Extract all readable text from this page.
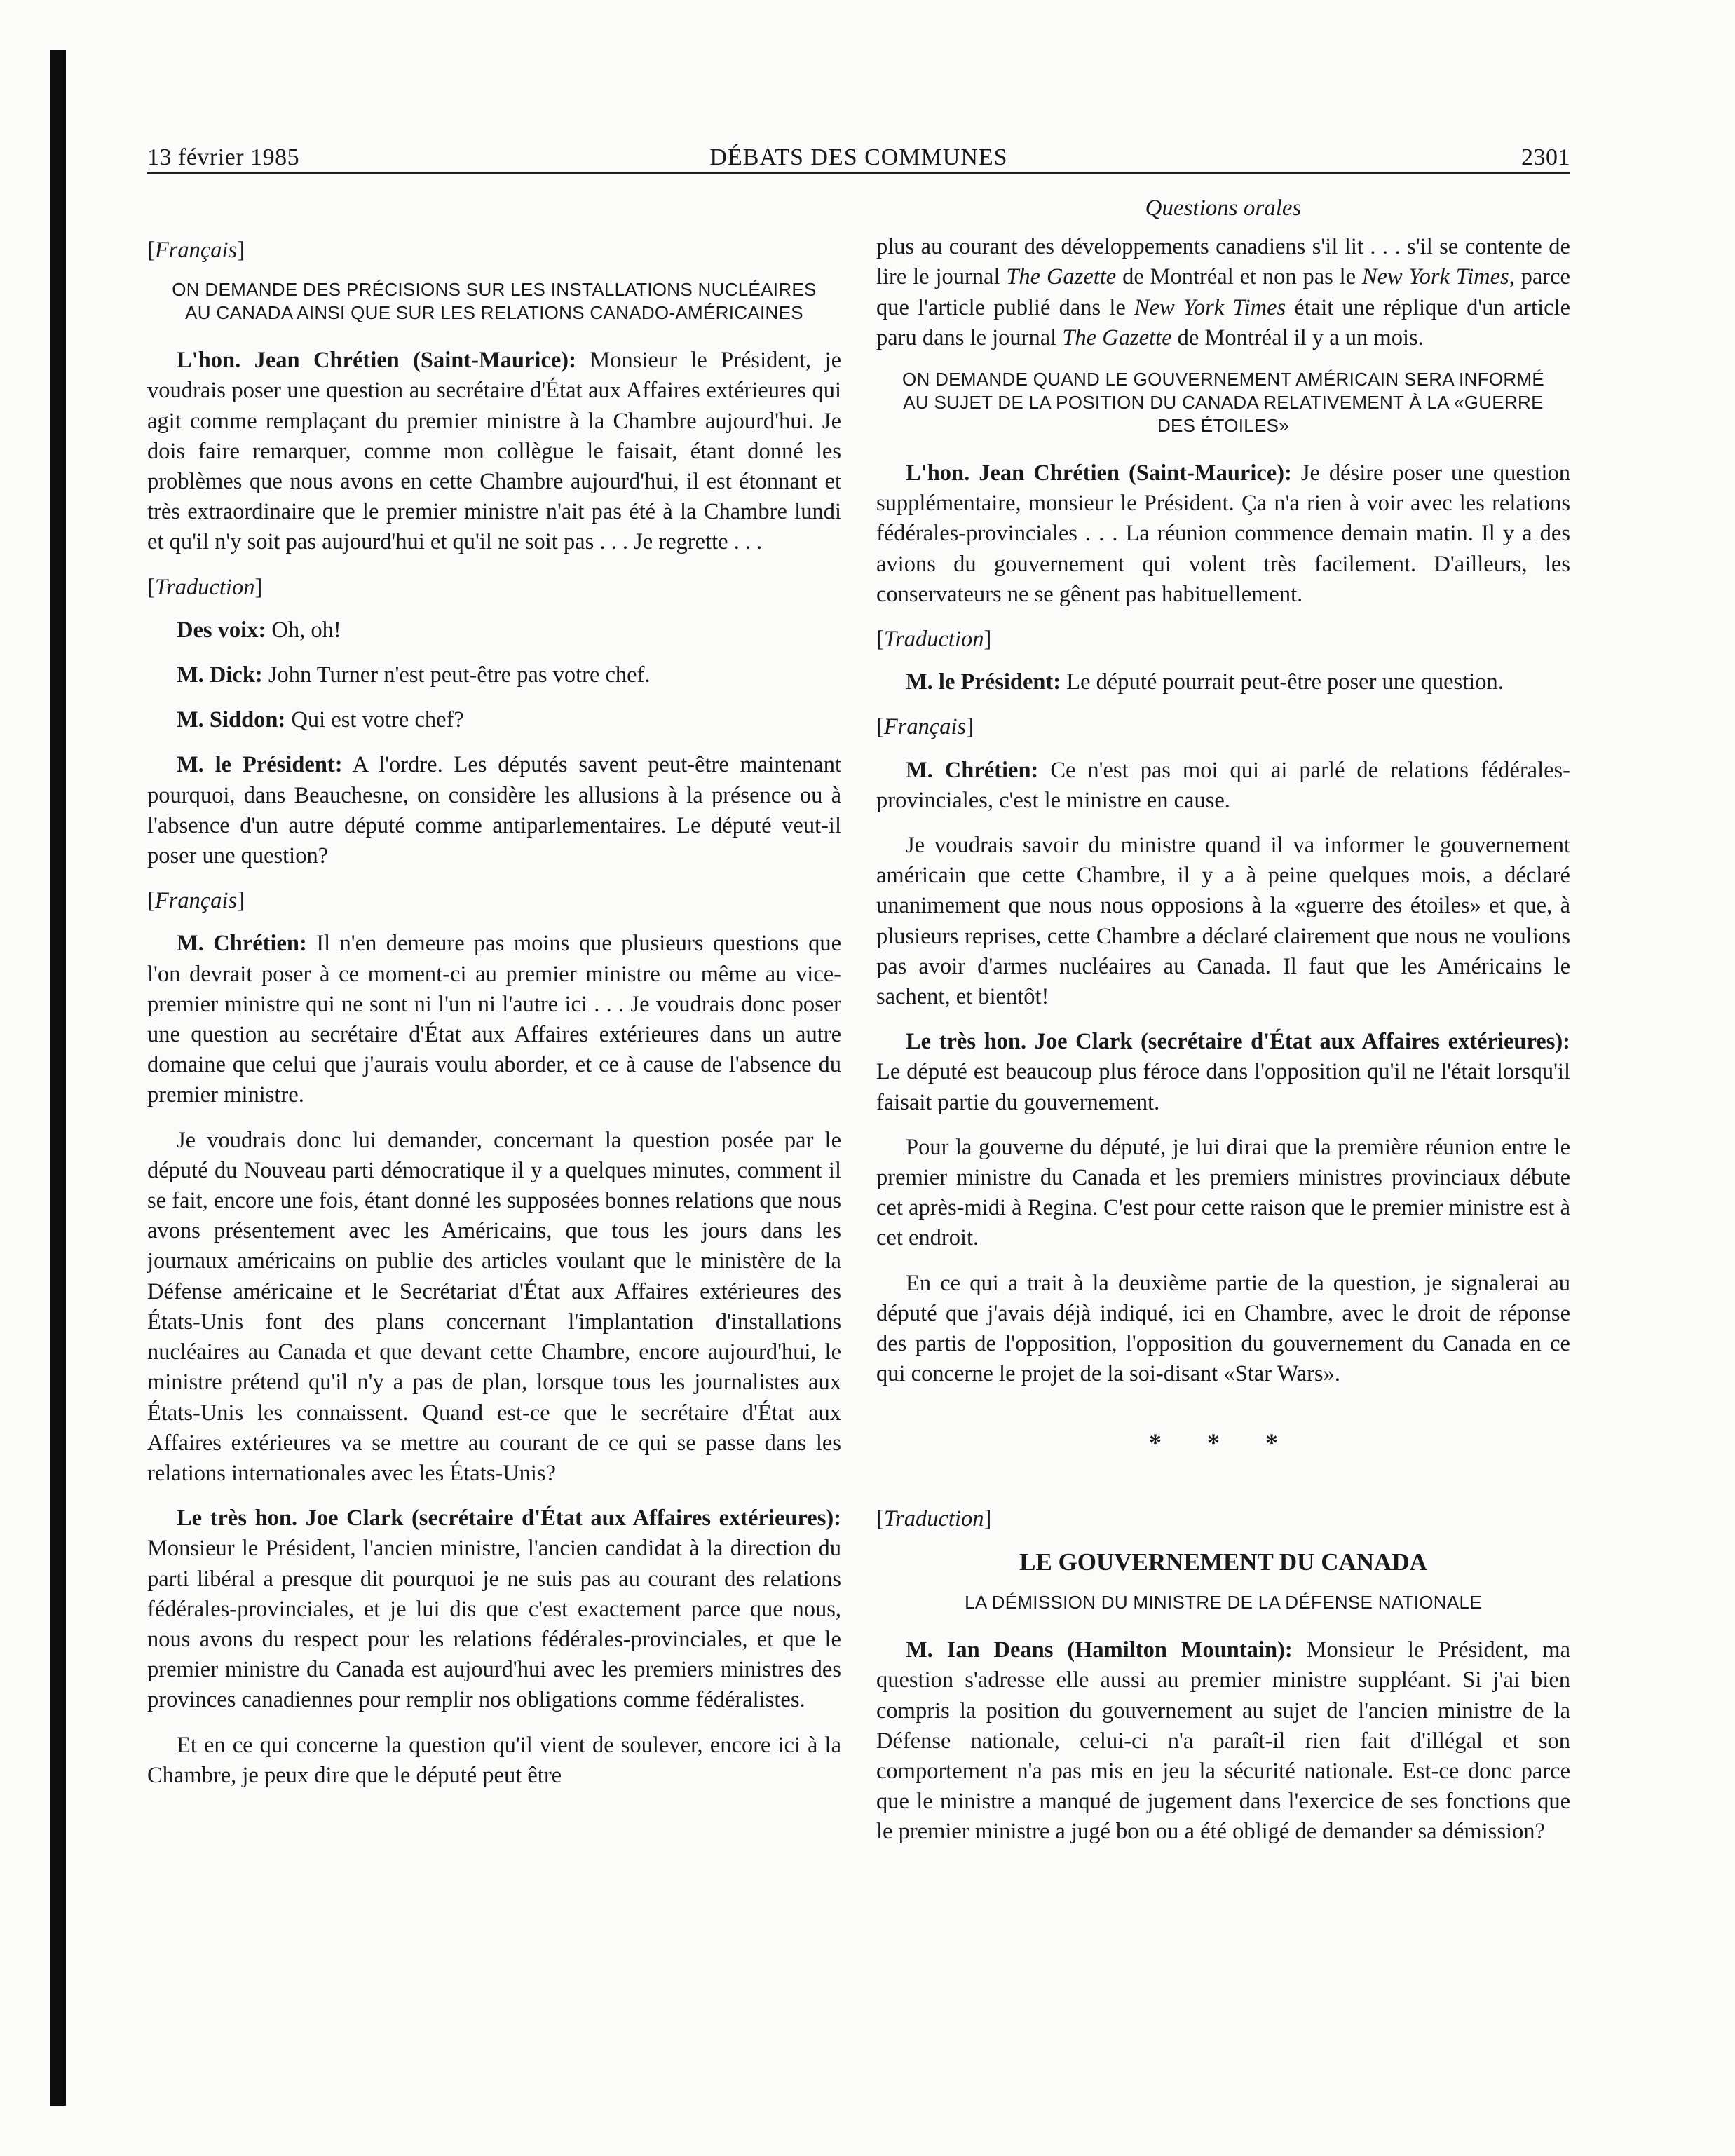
13 février 1985	DÉBATS DES COMMUNES	2301

[Français]

ON DEMANDE DES PRÉCISIONS SUR LES INSTALLATIONS NUCLÉAIRES AU CANADA AINSI QUE SUR LES RELATIONS CANADO-AMÉRICAINES

L'hon. Jean Chrétien (Saint-Maurice): Monsieur le Président, je voudrais poser une question au secrétaire d'État aux Affaires extérieures qui agit comme remplaçant du premier ministre à la Chambre aujourd'hui. Je dois faire remarquer, comme mon collègue le faisait, étant donné les problèmes que nous avons en cette Chambre aujourd'hui, il est étonnant et très extraordinaire que le premier ministre n'ait pas été à la Chambre lundi et qu'il n'y soit pas aujourd'hui et qu'il ne soit pas . . . Je regrette . . .

[Traduction]

Des voix: Oh, oh!

M. Dick: John Turner n'est peut-être pas votre chef.

M. Siddon: Qui est votre chef?

M. le Président: A l'ordre. Les députés savent peut-être maintenant pourquoi, dans Beauchesne, on considère les allusions à la présence ou à l'absence d'un autre député comme antiparlementaires. Le député veut-il poser une question?

[Français]

M. Chrétien: Il n'en demeure pas moins que plusieurs questions que l'on devrait poser à ce moment-ci au premier ministre ou même au vice-premier ministre qui ne sont ni l'un ni l'autre ici . . . Je voudrais donc poser une question au secrétaire d'État aux Affaires extérieures dans un autre domaine que celui que j'aurais voulu aborder, et ce à cause de l'absence du premier ministre.

Je voudrais donc lui demander, concernant la question posée par le député du Nouveau parti démocratique il y a quelques minutes, comment il se fait, encore une fois, étant donné les supposées bonnes relations que nous avons présentement avec les Américains, que tous les jours dans les journaux américains on publie des articles voulant que le ministère de la Défense américaine et le Secrétariat d'État aux Affaires extérieures des États-Unis font des plans concernant l'implantation d'installations nucléaires au Canada et que devant cette Chambre, encore aujourd'hui, le ministre prétend qu'il n'y a pas de plan, lorsque tous les journalistes aux États-Unis les connaissent. Quand est-ce que le secrétaire d'État aux Affaires extérieures va se mettre au courant de ce qui se passe dans les relations internationales avec les États-Unis?

Le très hon. Joe Clark (secrétaire d'État aux Affaires extérieures): Monsieur le Président, l'ancien ministre, l'ancien candidat à la direction du parti libéral a presque dit pourquoi je ne suis pas au courant des relations fédérales-provinciales, et je lui dis que c'est exactement parce que nous, nous avons du respect pour les relations fédérales-provinciales, et que le premier ministre du Canada est aujourd'hui avec les premiers ministres des provinces canadiennes pour remplir nos obligations comme fédéralistes.

Et en ce qui concerne la question qu'il vient de soulever, encore ici à la Chambre, je peux dire que le député peut être

Questions orales

plus au courant des développements canadiens s'il lit . . . s'il se contente de lire le journal The Gazette de Montréal et non pas le New York Times, parce que l'article publié dans le New York Times était une réplique d'un article paru dans le journal The Gazette de Montréal il y a un mois.

ON DEMANDE QUAND LE GOUVERNEMENT AMÉRICAIN SERA INFORMÉ AU SUJET DE LA POSITION DU CANADA RELATIVEMENT À LA «GUERRE DES ÉTOILES»

L'hon. Jean Chrétien (Saint-Maurice): Je désire poser une question supplémentaire, monsieur le Président. Ça n'a rien à voir avec les relations fédérales-provinciales . . . La réunion commence demain matin. Il y a des avions du gouvernement qui volent très facilement. D'ailleurs, les conservateurs ne se gênent pas habituellement.

[Traduction]

M. le Président: Le député pourrait peut-être poser une question.

[Français]

M. Chrétien: Ce n'est pas moi qui ai parlé de relations fédérales-provinciales, c'est le ministre en cause.

Je voudrais savoir du ministre quand il va informer le gouvernement américain que cette Chambre, il y a à peine quelques mois, a déclaré unanimement que nous nous opposions à la «guerre des étoiles» et que, à plusieurs reprises, cette Chambre a déclaré clairement que nous ne voulions pas avoir d'armes nucléaires au Canada. Il faut que les Américains le sachent, et bientôt!

Le très hon. Joe Clark (secrétaire d'État aux Affaires extérieures): Le député est beaucoup plus féroce dans l'opposition qu'il ne l'était lorsqu'il faisait partie du gouvernement.

Pour la gouverne du député, je lui dirai que la première réunion entre le premier ministre du Canada et les premiers ministres provinciaux débute cet après-midi à Regina. C'est pour cette raison que le premier ministre est à cet endroit.

En ce qui a trait à la deuxième partie de la question, je signalerai au député que j'avais déjà indiqué, ici en Chambre, avec le droit de réponse des partis de l'opposition, l'opposition du gouvernement du Canada en ce qui concerne le projet de la soi-disant «Star Wars».

* * *

[Traduction]

LE GOUVERNEMENT DU CANADA

LA DÉMISSION DU MINISTRE DE LA DÉFENSE NATIONALE

M. Ian Deans (Hamilton Mountain): Monsieur le Président, ma question s'adresse elle aussi au premier ministre suppléant. Si j'ai bien compris la position du gouvernement au sujet de l'ancien ministre de la Défense nationale, celui-ci n'a paraît-il rien fait d'illégal et son comportement n'a pas mis en jeu la sécurité nationale. Est-ce donc parce que le ministre a manqué de jugement dans l'exercice de ses fonctions que le premier ministre a jugé bon ou a été obligé de demander sa démission?
